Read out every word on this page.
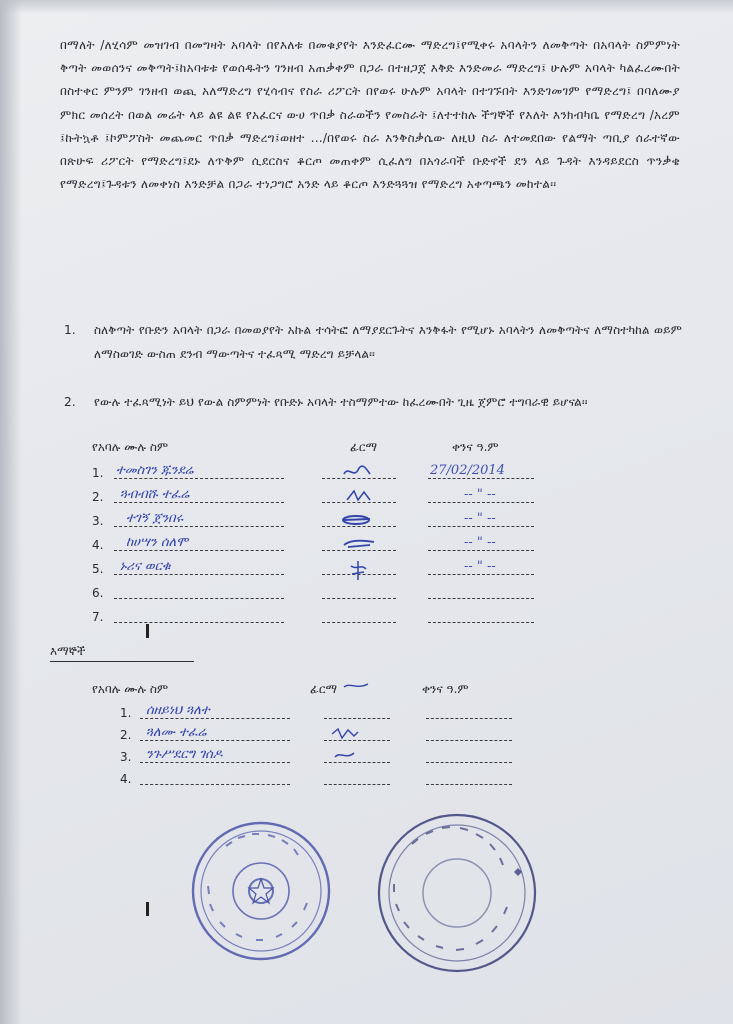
በማለት /ለሂሳም መዝገብ በመግዛት አባላት በየእለቱ በመቁያየት እንድፈርሙ ማድረግ፤የሚቀሩ አባላትን ለመቅጣት በአባላት ስምምነት ቅጣት መወሰንና መቅጣት፤ከአባቱቱ የወሰዱትን ገንዘብ አጠቃቀም በጋራ በተዘጋጀ እቅድ እንድመራ ማድረግ፤ ሁሉም አባላት ካልፈረሙበት በስተቀር ምንም ገንዘብ ወጪ አለማድረግ የሂሳብና የስራ ሪፖርት በየወሩ ሁሉም አባላት በተገኙበት እንድገመገም የማድረግ፤ በባለሙያ ምክር መሰረት በወል መሬት ላይ ልዩ ልዩ የአፈርና ውሀ ጥበቃ ስራወችን የመስራት ፤ለተተከሉ ችግኞች የእለት እንክብካቤ የማድረግ /አረም ፤ኩትኳቶ ፤ኮምፖስት መጨመር ጥበቃ ማድረግ፤ወዘተ .../በየወሩ ስራ እንቅስቃሴው ለዚህ ስራ ለተመደበው የልማት ጣቢያ ሰራተኛው በጽሁፍ ሪፖርት የማድረግ፤ደኑ ለጥቅም ሲደርስና ቆርጦ መጠቀም ሲፈለግ በአጎራባች ቡድኖች ደን ላይ ጉዳት እንዳይደርስ ጥንቃቄ የማድረግ፤ጉዳቱን ለመቀነስ እንድቻል በጋራ ተነጋግሮ አንድ ላይ ቆርጦ እንድጓጓዝ የማድረግ አቀጣጫን መከተል፡፡
1.	ስለቅጣት የቡድን አባላት በጋራ በመወያየት አኩል ተሳትፎ ለማያደርጉትና እንቅፋት የሚሆኑ አባላትን ለመቅጣትና ለማስተካከል ወይም ለማስወገድ ውስጠ ደንብ ማውጣትና ተፈጻሚ ማድረግ ይቻላል፡፡
2.	የውሉ ተፈጻሚነት ይህ የውል ስምምነት የቡድኑ አባላት ተስማምተው ከፈረሙበት ጊዜ ጀምሮ ተግባራዊ ይሆናል፡፡
የአባሉ ሙሉ ስም	ፊርማ	ቀንና ዓ.ም
1. ተመስገን ጁንደሬ	27/02/2014
2. ጓብብሹ ተፈሬ	-- " --
3. ተገኝ ጀንበሩ	-- " --
4. ከሀሣን ሰለሞ	-- " --
5. ኑሪና ወርቁ	-- " --
6.
7.
እማኞች
የአባሉ ሙሉ ስም	ፊርማ	ቀንና ዓ.ም
1. ሰዘይነህ ጓለተ
2. ጓለሙ ተፈሬ
3. ንጉሥደርግ ገሰዶ
4.
